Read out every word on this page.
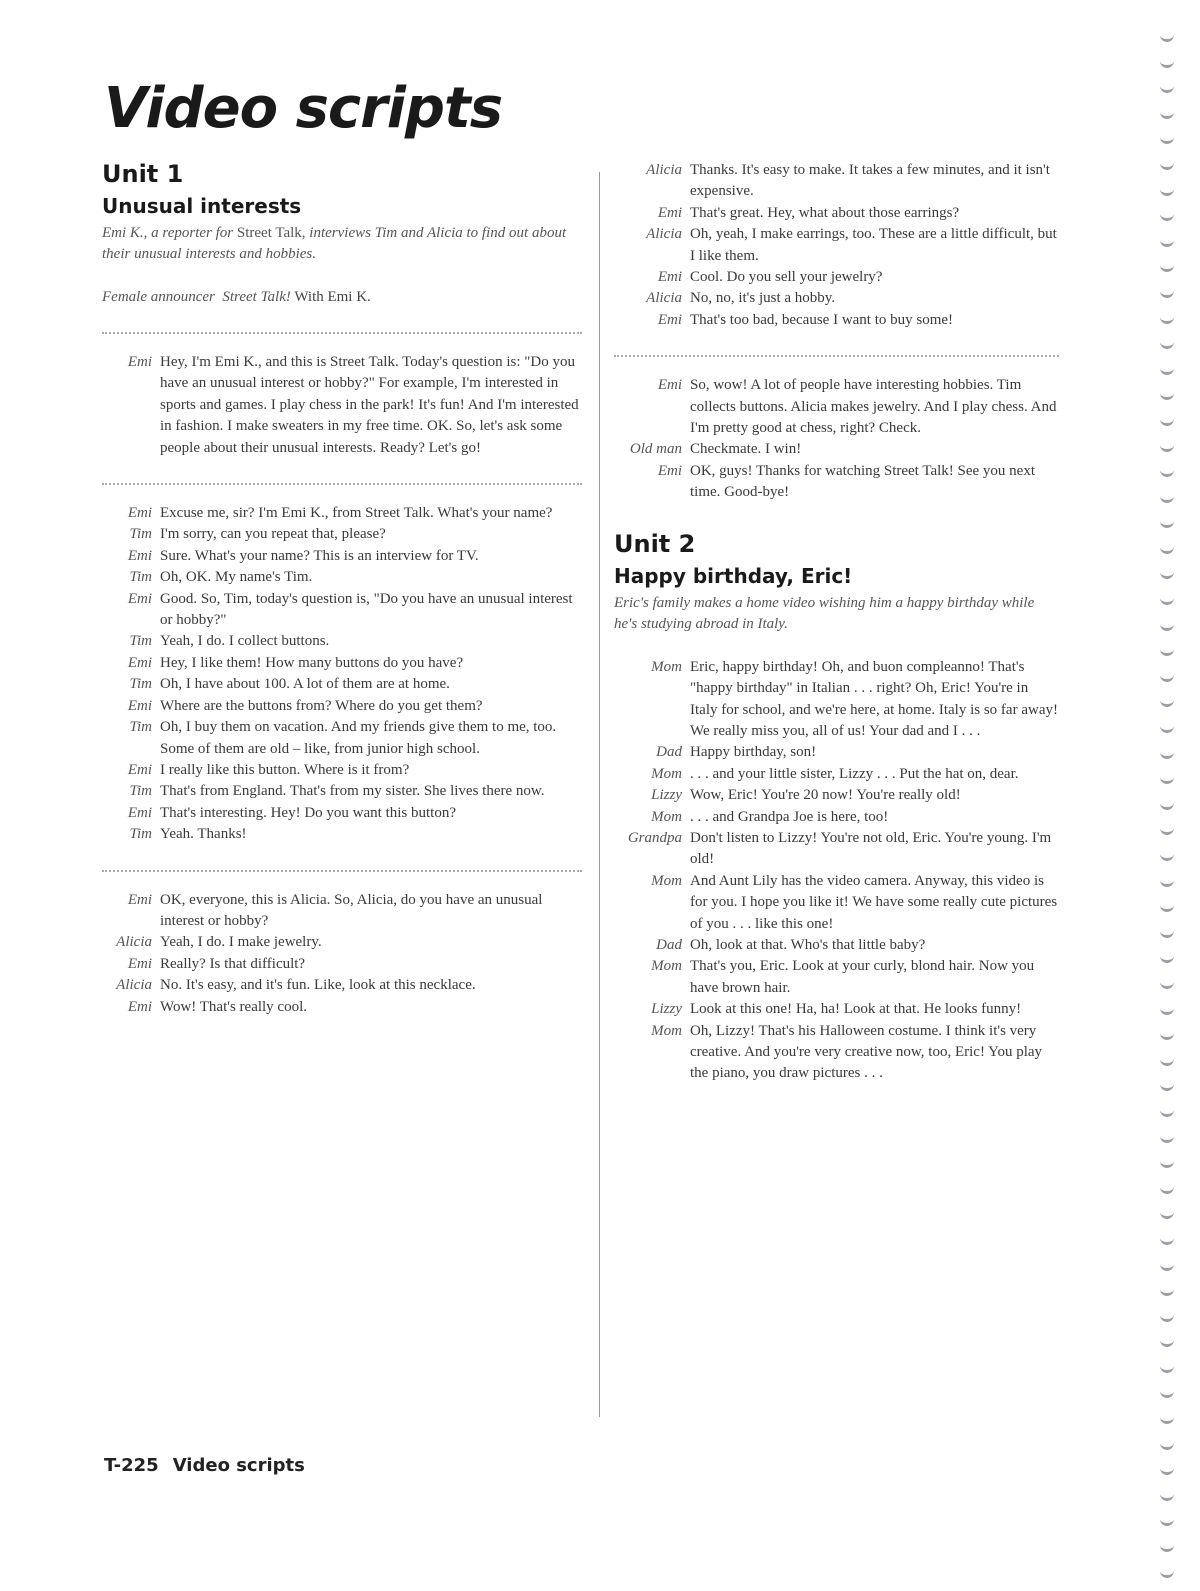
Video scripts
Unit 1
Unusual interests

Emi K., a reporter for Street Talk, interviews Tim and Alicia to find out about their unusual interests and hobbies.

Female announcer Street Talk! With Emi K.

Emi Hey, I'm Emi K., and this is Street Talk. Today's question is: "Do you have an unusual interest or hobby?" For example, I'm interested in sports and games. I play chess in the park! It's fun! And I'm interested in fashion. I make sweaters in my free time. OK. So, let's ask some people about their unusual interests. Ready? Let's go!
Emi Excuse me, sir? I'm Emi K., from Street Talk. What's your name?
Tim I'm sorry, can you repeat that, please?
Emi Sure. What's your name? This is an interview for TV.
Tim Oh, OK. My name's Tim.
Emi Good. So, Tim, today's question is, "Do you have an unusual interest or hobby?"
Tim Yeah, I do. I collect buttons.
Emi Hey, I like them! How many buttons do you have?
Tim Oh, I have about 100. A lot of them are at home.
Emi Where are the buttons from? Where do you get them?
Tim Oh, I buy them on vacation. And my friends give them to me, too. Some of them are old – like, from junior high school.
Emi I really like this button. Where is it from?
Tim That's from England. That's from my sister. She lives there now.
Emi That's interesting. Hey! Do you want this button?
Tim Yeah. Thanks!
Emi OK, everyone, this is Alicia. So, Alicia, do you have an unusual interest or hobby?
Alicia Yeah, I do. I make jewelry.
Emi Really? Is that difficult?
Alicia No. It's easy, and it's fun. Like, look at this necklace.
Emi Wow! That's really cool.
Alicia Thanks. It's easy to make. It takes a few minutes, and it isn't expensive.
Emi That's great. Hey, what about those earrings?
Alicia Oh, yeah, I make earrings, too. These are a little difficult, but I like them.
Emi Cool. Do you sell your jewelry?
Alicia No, no, it's just a hobby.
Emi That's too bad, because I want to buy some!
Emi So, wow! A lot of people have interesting hobbies. Tim collects buttons. Alicia makes jewelry. And I play chess. And I'm pretty good at chess, right? Check.
Old man Checkmate. I win!
Emi OK, guys! Thanks for watching Street Talk! See you next time. Good-bye!
Unit 2
Happy birthday, Eric!

Eric's family makes a home video wishing him a happy birthday while he's studying abroad in Italy.

Mom Eric, happy birthday! Oh, and buon compleanno! That's "happy birthday" in Italian . . . right? Oh, Eric! You're in Italy for school, and we're here, at home. Italy is so far away! We really miss you, all of us! Your dad and I . . .
Dad Happy birthday, son!
Mom . . . and your little sister, Lizzy . . . Put the hat on, dear.
Lizzy Wow, Eric! You're 20 now! You're really old!
Mom . . . and Grandpa Joe is here, too!
Grandpa Don't listen to Lizzy! You're not old, Eric. You're young. I'm old!
Mom And Aunt Lily has the video camera. Anyway, this video is for you. I hope you like it! We have some really cute pictures of you . . . like this one!
Dad Oh, look at that. Who's that little baby?
Mom That's you, Eric. Look at your curly, blond hair. Now you have brown hair.
Lizzy Look at this one! Ha, ha! Look at that. He looks funny!
Mom Oh, Lizzy! That's his Halloween costume. I think it's very creative. And you're very creative now, too, Eric! You play the piano, you draw pictures . . .
T-225 Video scripts
